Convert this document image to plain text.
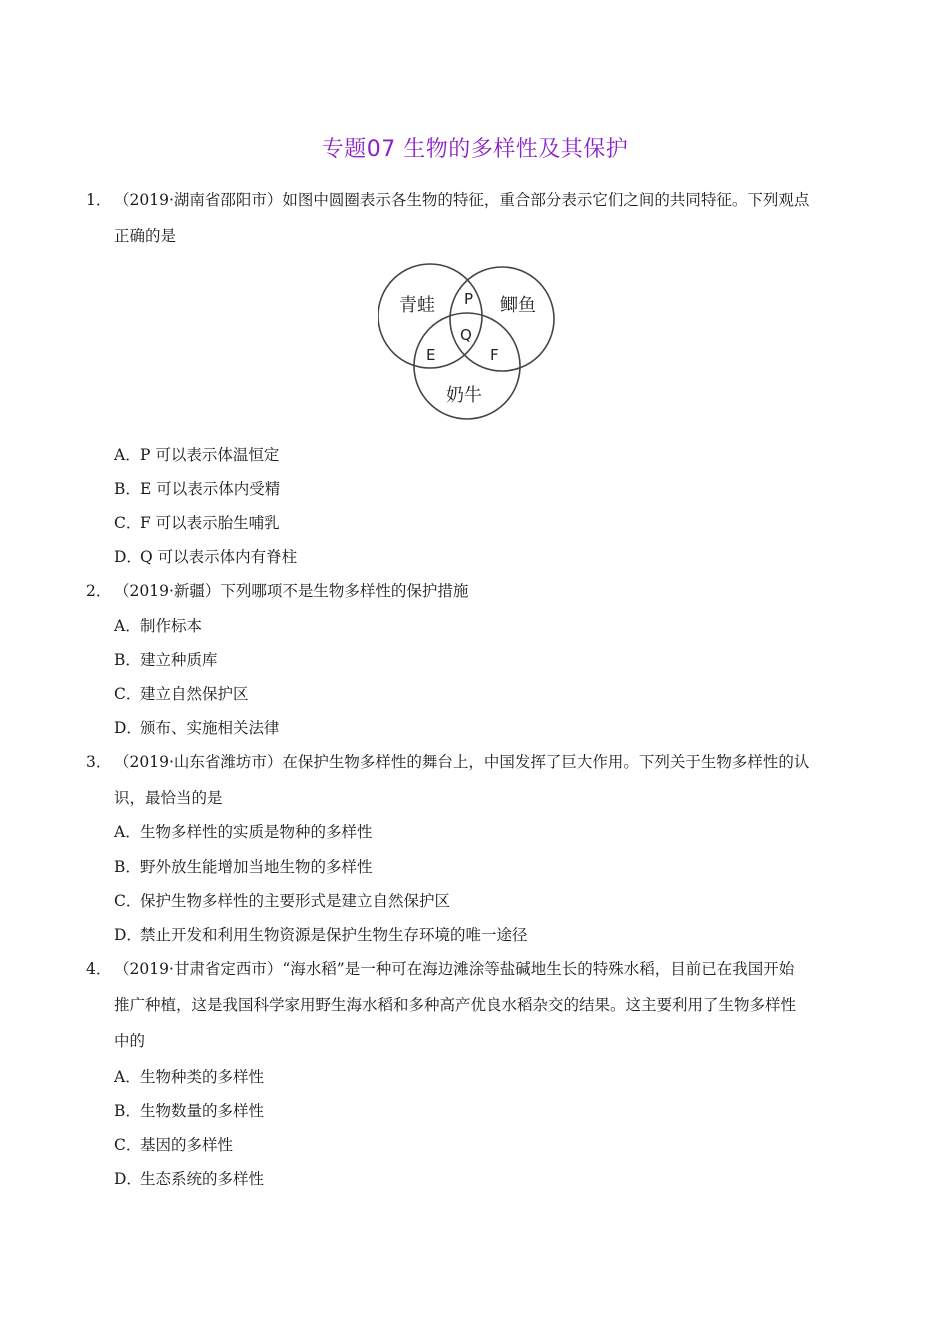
专题07 生物的多样性及其保护
1． （2019·湖南省邵阳市）如图中圆圈表示各生物的特征，重合部分表示它们之间的共同特征。下列观点
正确的是
青蛙	鲫鱼
奶牛
P
Q
E	F
A．P 可以表示体温恒定
B．E 可以表示体内受精
C．F 可以表示胎生哺乳
D．Q 可以表示体内有脊柱
2． （2019·新疆）下列哪项不是生物多样性的保护措施
A．制作标本
B．建立种质库
C．建立自然保护区
D．颁布、实施相关法律
3． （2019·山东省潍坊市）在保护生物多样性的舞台上，中国发挥了巨大作用。下列关于生物多样性的认
识，最恰当的是
A．生物多样性的实质是物种的多样性
B．野外放生能增加当地生物的多样性
C．保护生物多样性的主要形式是建立自然保护区
D．禁止开发和利用生物资源是保护生物生存环境的唯一途径
4． （2019·甘肃省定西市）“海水稻”是一种可在海边滩涂等盐碱地生长的特殊水稻，目前已在我国开始
推广种植，这是我国科学家用野生海水稻和多种高产优良水稻杂交的结果。这主要利用了生物多样性
中的
A．生物种类的多样性
B．生物数量的多样性
C．基因的多样性
D．生态系统的多样性
